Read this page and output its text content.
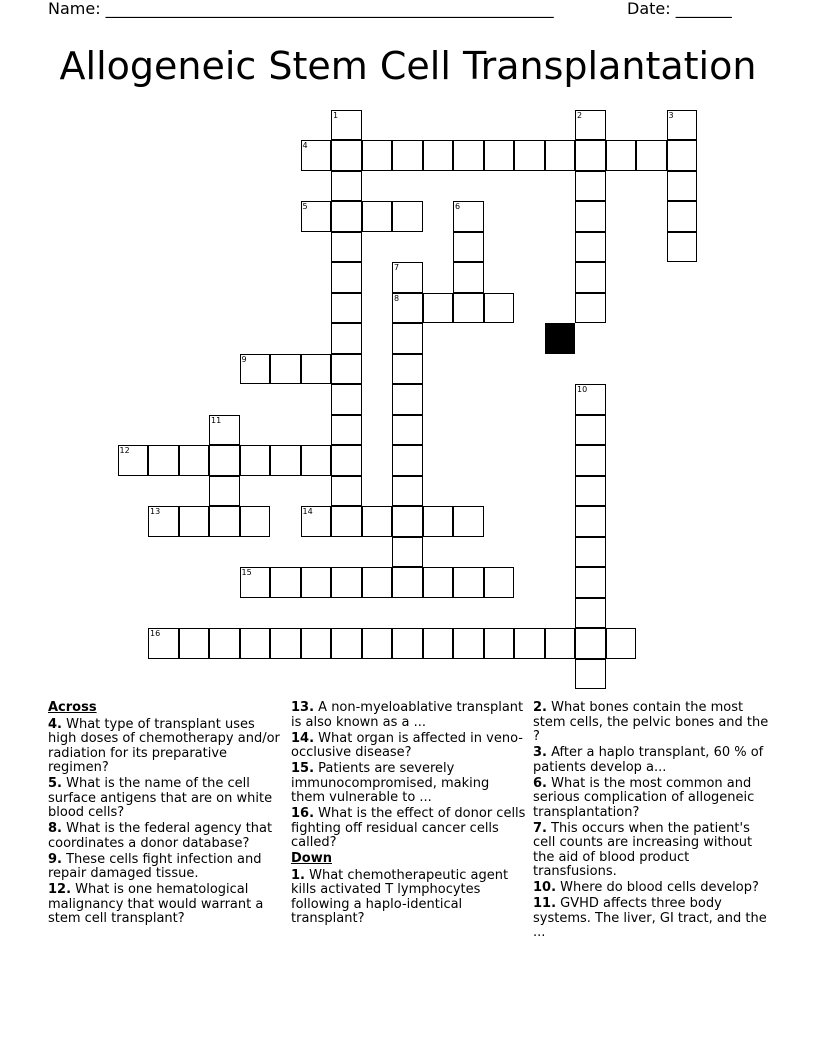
Name: ________________________________________________________	Date: _______
Allogeneic Stem Cell Transplantation
1	2	3
4
5	6
7
8
9
10
11
12
13	14
15
16
Across
4. What type of transplant uses high doses of chemotherapy and/or radiation for its preparative regimen?
5. What is the name of the cell surface antigens that are on white blood cells?
8. What is the federal agency that coordinates a donor database?
9. These cells fight infection and repair damaged tissue.
12. What is one hematological malignancy that would warrant a stem cell transplant?
13. A non-myeloablative transplant is also known as a ...
14. What organ is affected in veno-occlusive disease?
15. Patients are severely immunocompromised, making them vulnerable to ...
16. What is the effect of donor cells fighting off residual cancer cells called?
Down
1. What chemotherapeutic agent kills activated T lymphocytes following a haplo-identical transplant?
2. What bones contain the most stem cells, the pelvic bones and the ?
3. After a haplo transplant, 60 % of patients develop a...
6. What is the most common and serious complication of allogeneic transplantation?
7. This occurs when the patient's cell counts are increasing without the aid of blood product transfusions.
10. Where do blood cells develop?
11. GVHD affects three body systems. The liver, GI tract, and the ...
